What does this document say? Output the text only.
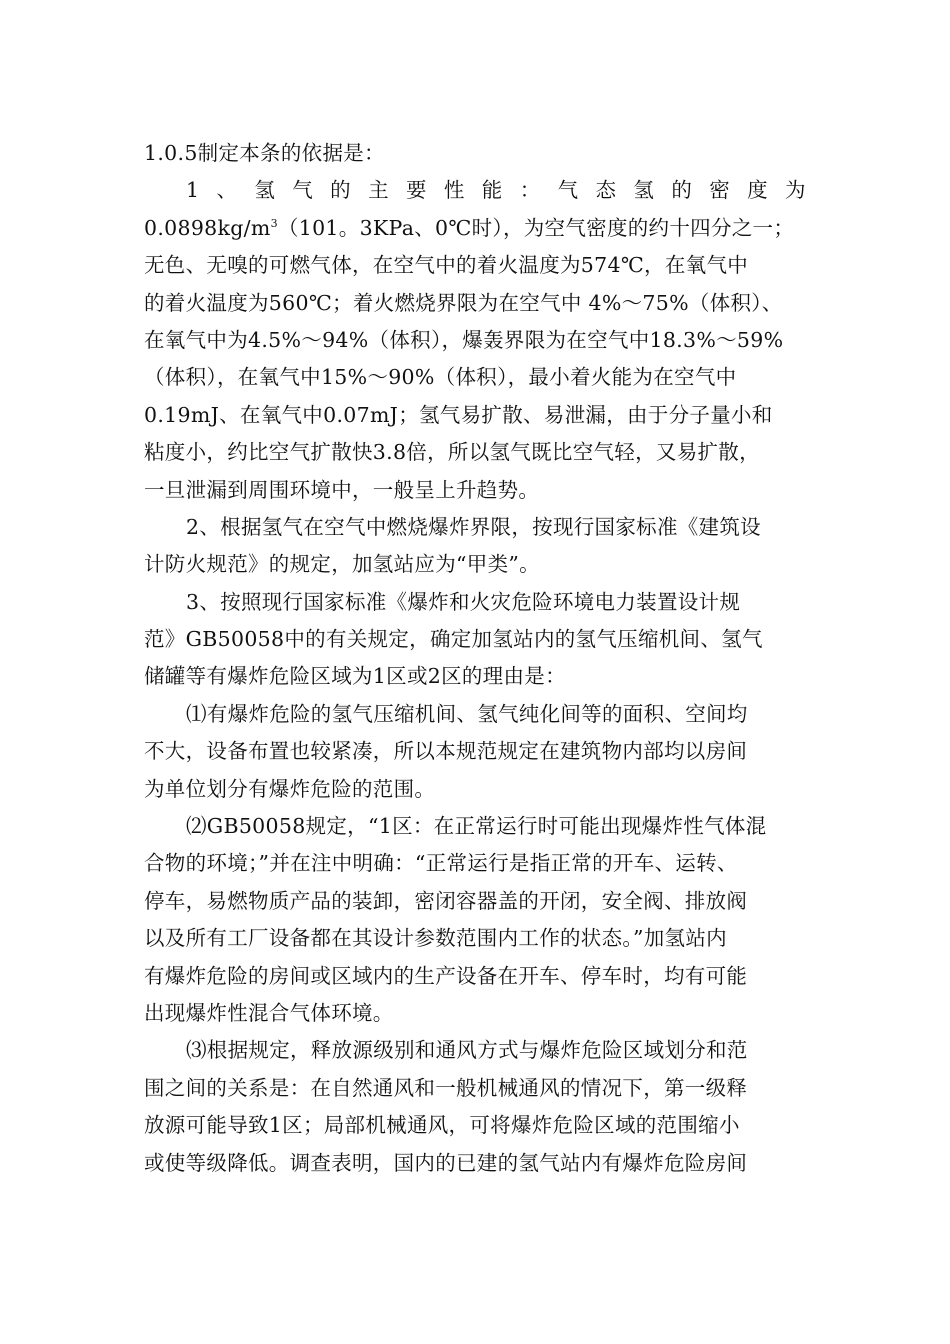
1.0.5制定本条的依据是：
1 、 氢 气 的 主 要 性 能 ： 气 态 氢 的 密 度 为
$0.0898kg/m^3(101$。3KPa、0℃时），为空气密度的约十四分之一；
无色、无嗅的可燃气体，在空气中的着火温度为574℃，在氧气中
的着火温度为560℃；着火燃烧界限为在空气中 4%～75%（体积）、
在氧气中为4.5%～94%（体积），爆轰界限为在空气中18.3%～59%
（体积），在氧气中15%～90%（体积），最小着火能为在空气中
0.19mJ、在氧气中0.07mJ；氢气易扩散、易泄漏，由于分子量小和
粘度小，约比空气扩散快3.8倍，所以氢气既比空气轻，又易扩散，
一旦泄漏到周围环境中，一般呈上升趋势。
2、根据氢气在空气中燃烧爆炸界限，按现行国家标准《建筑设
计防火规范》的规定，加氢站应为“甲类”。
3、按照现行国家标准《爆炸和火灾危险环境电力装置设计规
范》GB50058中的有关规定，确定加氢站内的氢气压缩机间、氢气
储罐等有爆炸危险区域为1区或2区的理由是：
⑴有爆炸危险的氢气压缩机间、氢气纯化间等的面积、空间均
不大，设备布置也较紧凑，所以本规范规定在建筑物内部均以房间
为单位划分有爆炸危险的范围。
⑵GB50058规定，“1区：在正常运行时可能出现爆炸性气体混
合物的环境；”并在注中明确：“正常运行是指正常的开车、运转、
停车，易燃物质产品的装卸，密闭容器盖的开闭，安全阀、排放阀
以及所有工厂设备都在其设计参数范围内工作的状态。”加氢站内
有爆炸危险的房间或区域内的生产设备在开车、停车时，均有可能
出现爆炸性混合气体环境。
⑶根据规定，释放源级别和通风方式与爆炸危险区域划分和范
围之间的关系是：在自然通风和一般机械通风的情况下，第一级释
放源可能导致1区；局部机械通风，可将爆炸危险区域的范围缩小
或使等级降低。调查表明，国内的已建的氢气站内有爆炸危险房间
